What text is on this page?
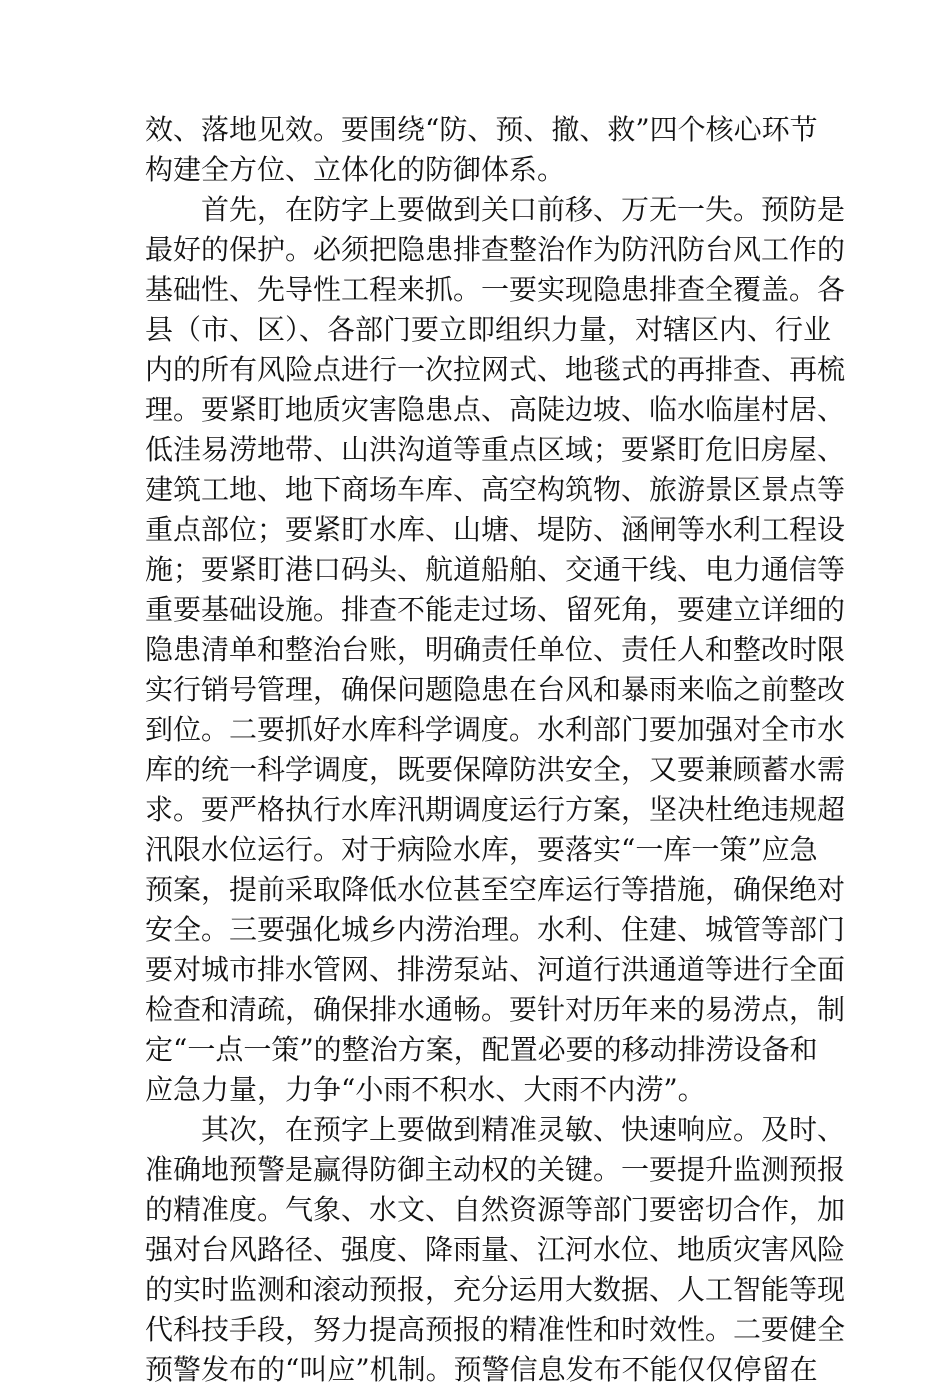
效、落地见效。要围绕“防、预、撤、救”四个核心环节
构建全方位、立体化的防御体系。
首先，在防字上要做到关口前移、万无一失。预防是
最好的保护。必须把隐患排查整治作为防汛防台风工作的
基础性、先导性工程来抓。一要实现隐患排查全覆盖。各
县（市、区）、各部门要立即组织力量，对辖区内、行业
内的所有风险点进行一次拉网式、地毯式的再排查、再梳
理。要紧盯地质灾害隐患点、高陡边坡、临水临崖村居、
低洼易涝地带、山洪沟道等重点区域；要紧盯危旧房屋、
建筑工地、地下商场车库、高空构筑物、旅游景区景点等
重点部位；要紧盯水库、山塘、堤防、涵闸等水利工程设
施；要紧盯港口码头、航道船舶、交通干线、电力通信等
重要基础设施。排查不能走过场、留死角，要建立详细的
隐患清单和整治台账，明确责任单位、责任人和整改时限
实行销号管理，确保问题隐患在台风和暴雨来临之前整改
到位。二要抓好水库科学调度。水利部门要加强对全市水
库的统一科学调度，既要保障防洪安全，又要兼顾蓄水需
求。要严格执行水库汛期调度运行方案，坚决杜绝违规超
汛限水位运行。对于病险水库，要落实“一库一策”应急
预案，提前采取降低水位甚至空库运行等措施，确保绝对
安全。三要强化城乡内涝治理。水利、住建、城管等部门
要对城市排水管网、排涝泵站、河道行洪通道等进行全面
检查和清疏，确保排水通畅。要针对历年来的易涝点，制
定“一点一策”的整治方案，配置必要的移动排涝设备和
应急力量，力争“小雨不积水、大雨不内涝”。
其次，在预字上要做到精准灵敏、快速响应。及时、
准确地预警是赢得防御主动权的关键。一要提升监测预报
的精准度。气象、水文、自然资源等部门要密切合作，加
强对台风路径、强度、降雨量、江河水位、地质灾害风险
的实时监测和滚动预报，充分运用大数据、人工智能等现
代科技手段，努力提高预报的精准性和时效性。二要健全
预警发布的“叫应”机制。预警信息发布不能仅仅停留在
